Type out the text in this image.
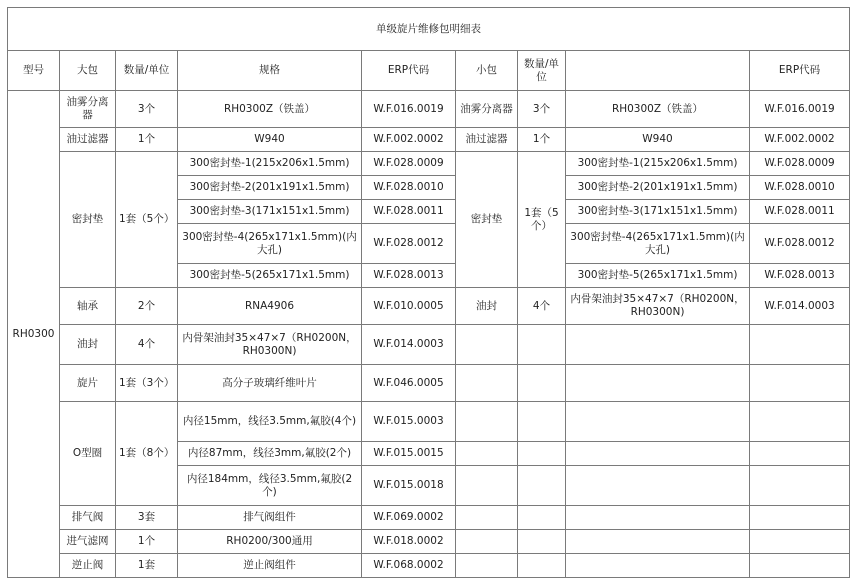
单级旋片维修包明细表								
型号	大包	数量/单位	规格	ERP代码	小包	数量/单位		ERP代码
RH0300	油雾分离器	3个	RH0300Z（铁盖）	W.F.016.0019	油雾分离器	3个	RH0300Z（铁盖）	W.F.016.0019
	油过滤器	1个	W940	W.F.002.0002	油过滤器	1个	W940	W.F.002.0002
	密封垫	1套（5个）	300密封垫-1(215x206x1.5mm)	W.F.028.0009	密封垫	1套（5个）	300密封垫-1(215x206x1.5mm)	W.F.028.0009
			300密封垫-2(201x191x1.5mm)	W.F.028.0010			300密封垫-2(201x191x1.5mm)	W.F.028.0010
			300密封垫-3(171x151x1.5mm)	W.F.028.0011			300密封垫-3(171x151x1.5mm)	W.F.028.0011
			300密封垫-4(265x171x1.5mm)(内大孔)	W.F.028.0012			300密封垫-4(265x171x1.5mm)(内大孔)	W.F.028.0012
			300密封垫-5(265x171x1.5mm)	W.F.028.0013			300密封垫-5(265x171x1.5mm)	W.F.028.0013
	轴承	2个	RNA4906	W.F.010.0005	油封	4个	内骨架油封35×47×7（RH0200N，RH0300N)	W.F.014.0003
	油封	4个	内骨架油封35×47×7（RH0200N，RH0300N)	W.F.014.0003				
	旋片	1套（3个）	高分子玻璃纤维叶片	W.F.046.0005				
	O型圈	1套（8个）	内径15mm，线径3.5mm,氟胶(4个)	W.F.015.0003				
			内径87mm，线径3mm,氟胶(2个)	W.F.015.0015				
			内径184mm，线径3.5mm,氟胶(2个)	W.F.015.0018				
	排气阀	3套	排气阀组件	W.F.069.0002				
	进气滤网	1个	RH0200/300通用	W.F.018.0002				
	逆止阀	1套	逆止阀组件	W.F.068.0002				
